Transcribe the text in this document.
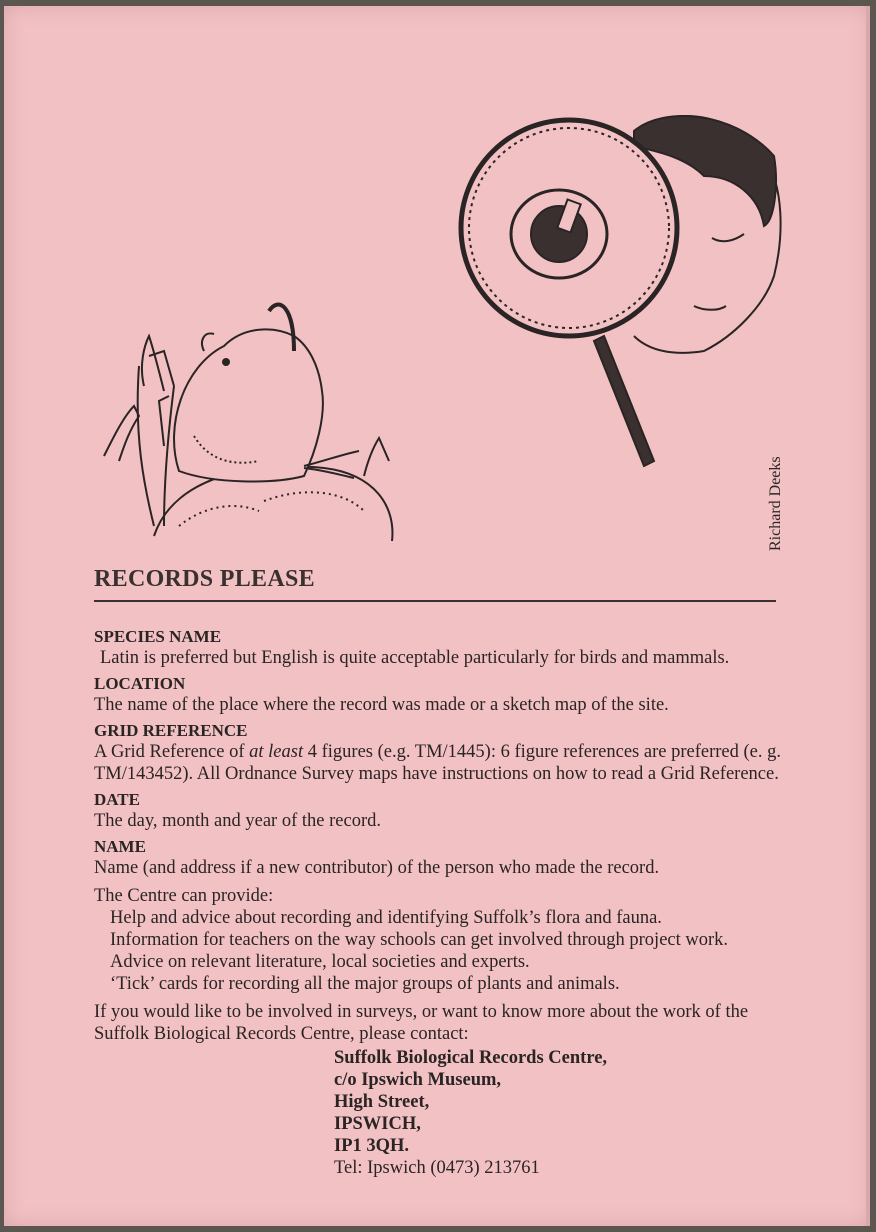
Richard Deeks
RECORDS PLEASE
SPECIES NAME
Latin is preferred but English is quite acceptable particularly for birds and mammals.
LOCATION
The name of the place where the record was made or a sketch map of the site.
GRID REFERENCE
A Grid Reference of at least 4 figures (e.g. TM/1445): 6 figure references are preferred (e. g. TM/143452). All Ordnance Survey maps have instructions on how to read a Grid Reference.
DATE
The day, month and year of the record.
NAME
Name (and address if a new contributor) of the person who made the record.
The Centre can provide:
Help and advice about recording and identifying Suffolk’s flora and fauna.
Information for teachers on the way schools can get involved through project work.
Advice on relevant literature, local societies and experts.
‘Tick’ cards for recording all the major groups of plants and animals.
If you would like to be involved in surveys, or want to know more about the work of the Suffolk Biological Records Centre, please contact:
Suffolk Biological Records Centre,
c/o Ipswich Museum,
High Street,
IPSWICH,
IP1 3QH.
Tel: Ipswich (0473) 213761
